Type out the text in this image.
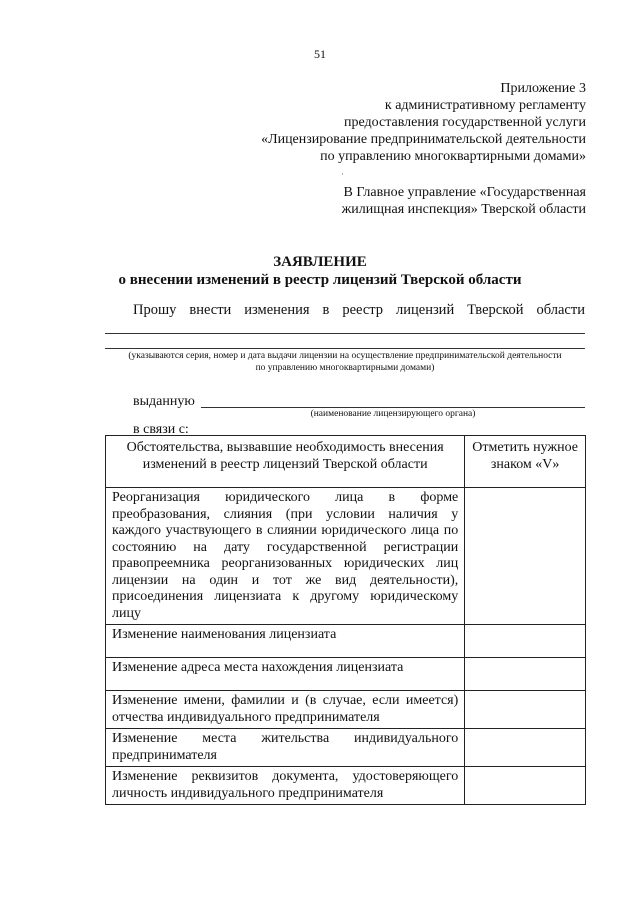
51
Приложение 3
к административному регламенту
предоставления государственной услуги
«Лицензирование предпринимательской деятельности
по управлению многоквартирными домами»
·
В Главное управление «Государственная
жилищная инспекция» Тверской области
ЗАЯВЛЕНИЕ
о внесении изменений в реестр лицензий Тверской области
Прошу внести изменения в реестр лицензий Тверской области
(указываются серия, номер и дата выдачи лицензии на осуществление предпринимательской деятельности
по управлению многоквартирными домами)
выданную
(наименование лицензирующего органа)
в связи с:
Обстоятельства, вызвавшие необходимость внесения изменений в реестр лицензий Тверской области	Отметить нужное знаком «V»
Реорганизация юридического лица в форме преобразования, слияния (при условии наличия у каждого участвующего в слиянии юридического лица по состоянию на дату государственной регистрации правопреемника реорганизованных юридических лиц лицензии на один и тот же вид деятельности), присоединения лицензиата к другому юридическому лицу	
Изменение наименования лицензиата	
Изменение адреса места нахождения лицензиата	
Изменение имени, фамилии и (в случае, если имеется) отчества индивидуального предпринимателя	
Изменение места жительства индивидуального предпринимателя	
Изменение реквизитов документа, удостоверяющего личность индивидуального предпринимателя	
